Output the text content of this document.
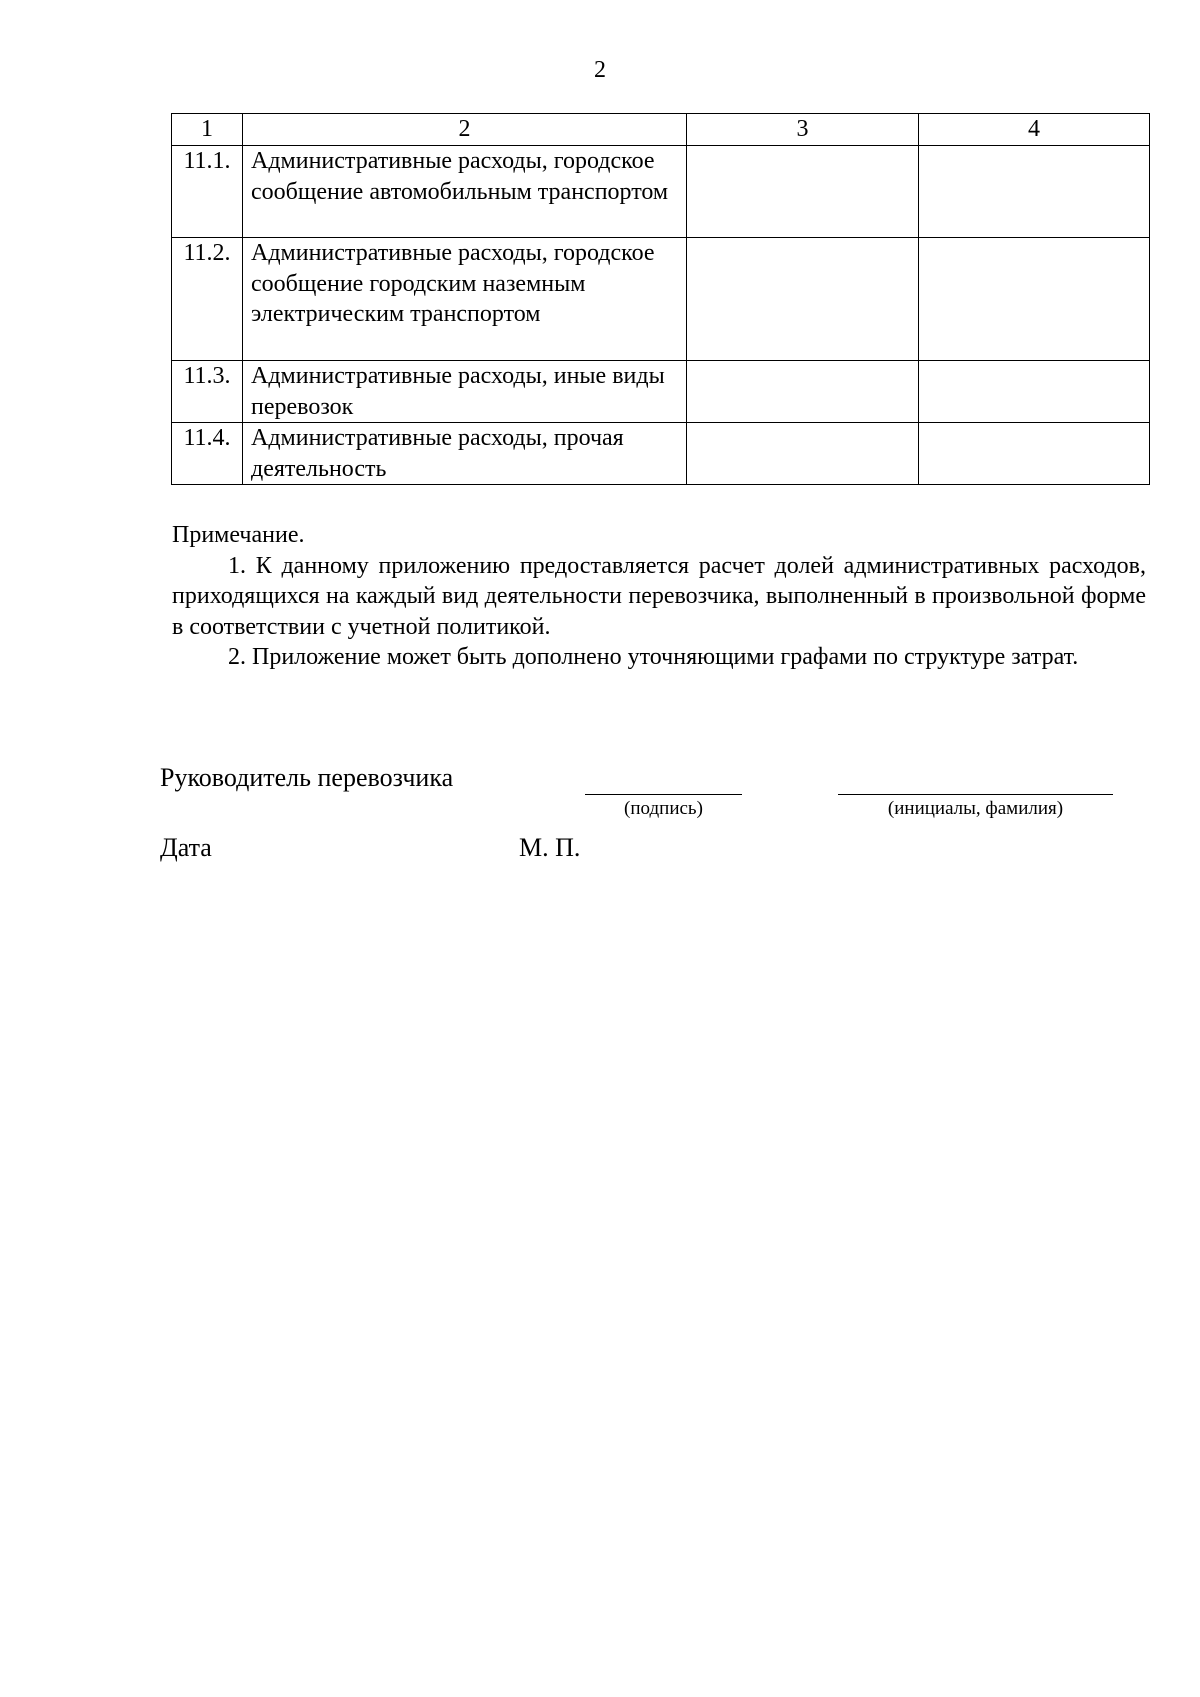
2
1	2	3	4
11.1.	Административные расходы, городское сообщение автомобильным транспортом		
11.2.	Административные расходы, городское сообщение городским наземным электрическим транспортом		
11.3.	Административные расходы, иные виды перевозок		
11.4.	Административные расходы, прочая деятельность		

Примечание.

1. К данному приложению предоставляется расчет долей административных расходов, приходящихся на каждый вид деятельности перевозчика, выполненный в произвольной форме в соответствии с учетной политикой.

2. Приложение может быть дополнено уточняющими графами по структуре затрат.

Руководитель перевозчика
(подпись)	(инициалы, фамилия)
Дата	М. П.
